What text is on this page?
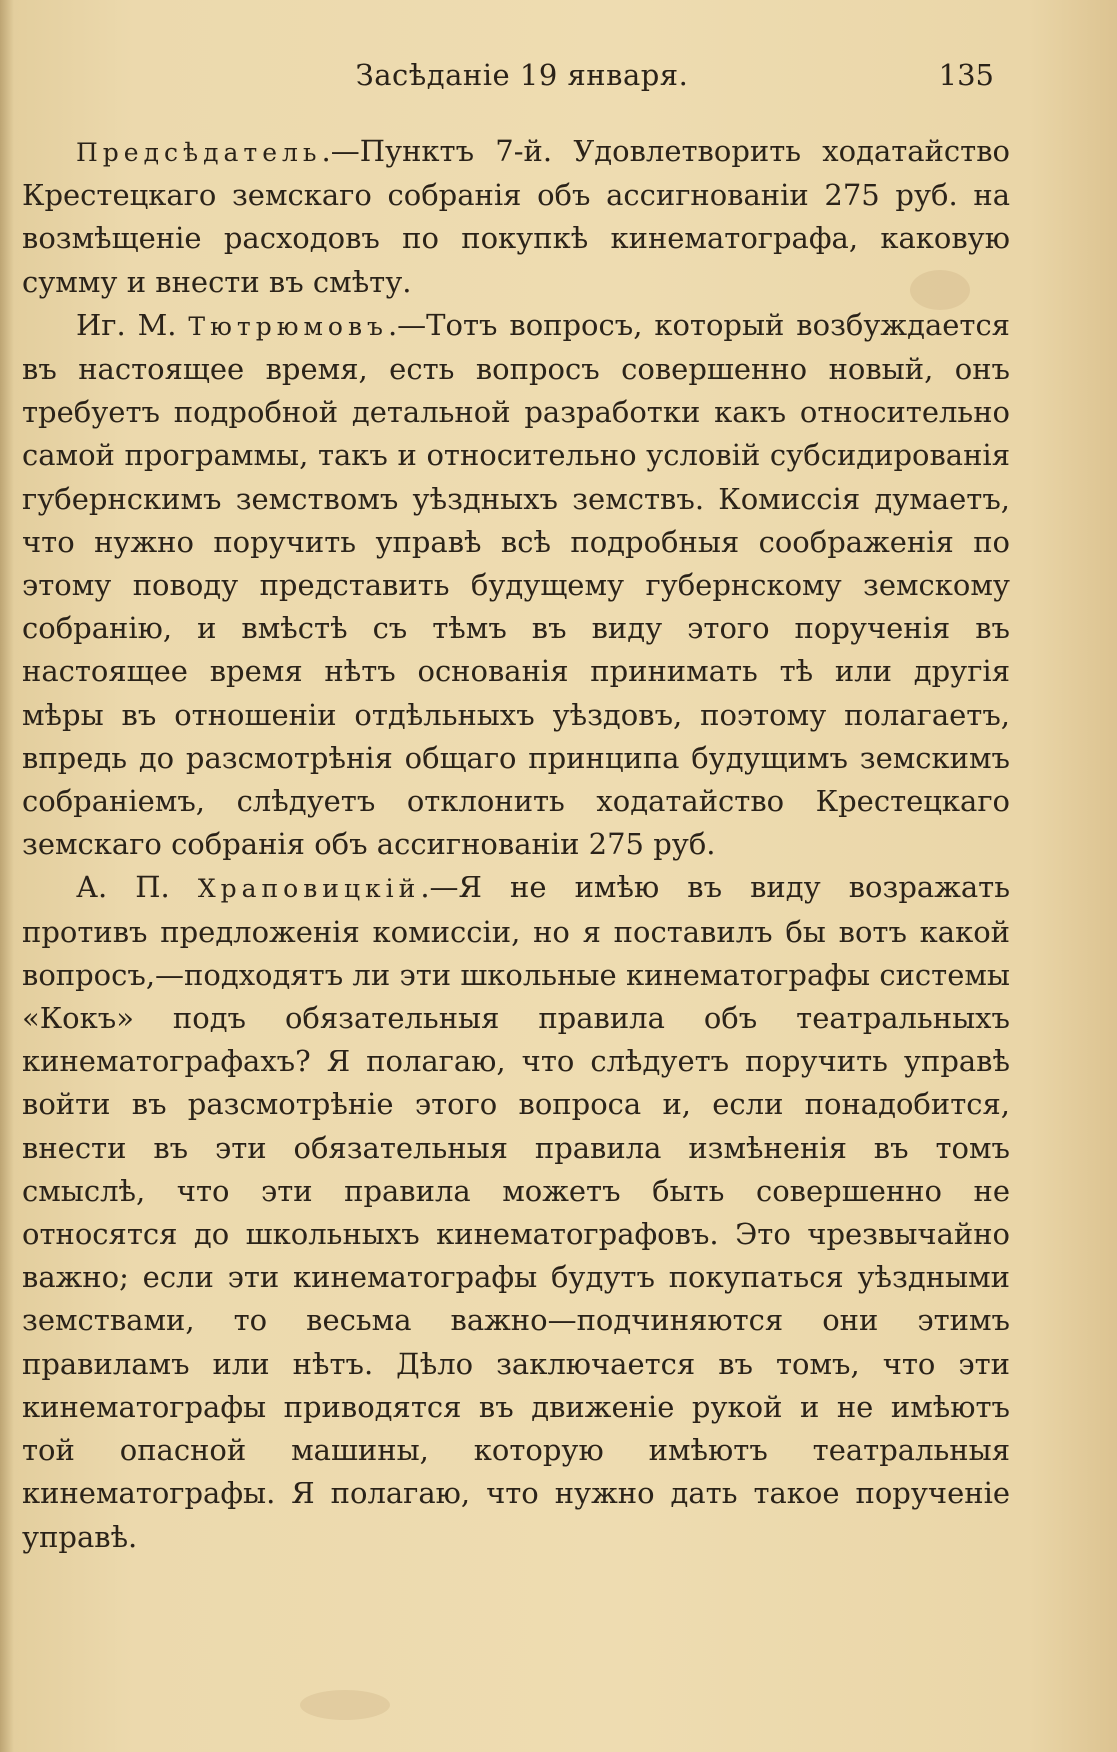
Засѣданіе 19 января.	135

Предсѣдатель.—Пунктъ 7-й. Удовлетворить ходатайство Крестецкаго земскаго собранія объ ассигнованіи 275 руб. на возмѣщеніе расходовъ по покупкѣ кинематографа, каковую сумму и внести въ смѣту.

Иг. М. Тютрюмовъ.—Тотъ вопросъ, который возбуждается въ настоящее время, есть вопросъ совершенно новый, онъ требуетъ подробной детальной разработки какъ относительно самой программы, такъ и относительно условій субсидированія губернскимъ земствомъ уѣздныхъ земствъ. Комиссія думаетъ, что нужно поручить управѣ всѣ подробныя соображенія по этому поводу представить будущему губернскому земскому собранію, и вмѣстѣ съ тѣмъ въ виду этого порученія въ настоящее время нѣтъ основанія принимать тѣ или другія мѣры въ отношеніи отдѣльныхъ уѣздовъ, поэтому полагаетъ, впредь до разсмотрѣнія общаго принципа будущимъ земскимъ собраніемъ, слѣдуетъ отклонить ходатайство Крестецкаго земскаго собранія объ ассигнованіи 275 руб.

А. П. Храповицкій.—Я не имѣю въ виду возражать противъ предложенія комиссіи, но я поставилъ бы вотъ какой вопросъ,—подходятъ ли эти школьные кинематографы системы «Кокъ» подъ обязательныя правила объ театральныхъ кинематографахъ? Я полагаю, что слѣдуетъ поручить управѣ войти въ разсмотрѣніе этого вопроса и, если понадобится, внести въ эти обязательныя правила измѣненія въ томъ смыслѣ, что эти правила можетъ быть совершенно не относятся до школьныхъ кинематографовъ. Это чрезвычайно важно; если эти кинематографы будутъ покупаться уѣздными земствами, то весьма важно—подчиняются они этимъ правиламъ или нѣтъ. Дѣло заключается въ томъ, что эти кинематографы приводятся въ движеніе рукой и не имѣютъ той опасной машины, которую имѣютъ театральныя кинематографы. Я полагаю, что нужно дать такое порученіе управѣ.
